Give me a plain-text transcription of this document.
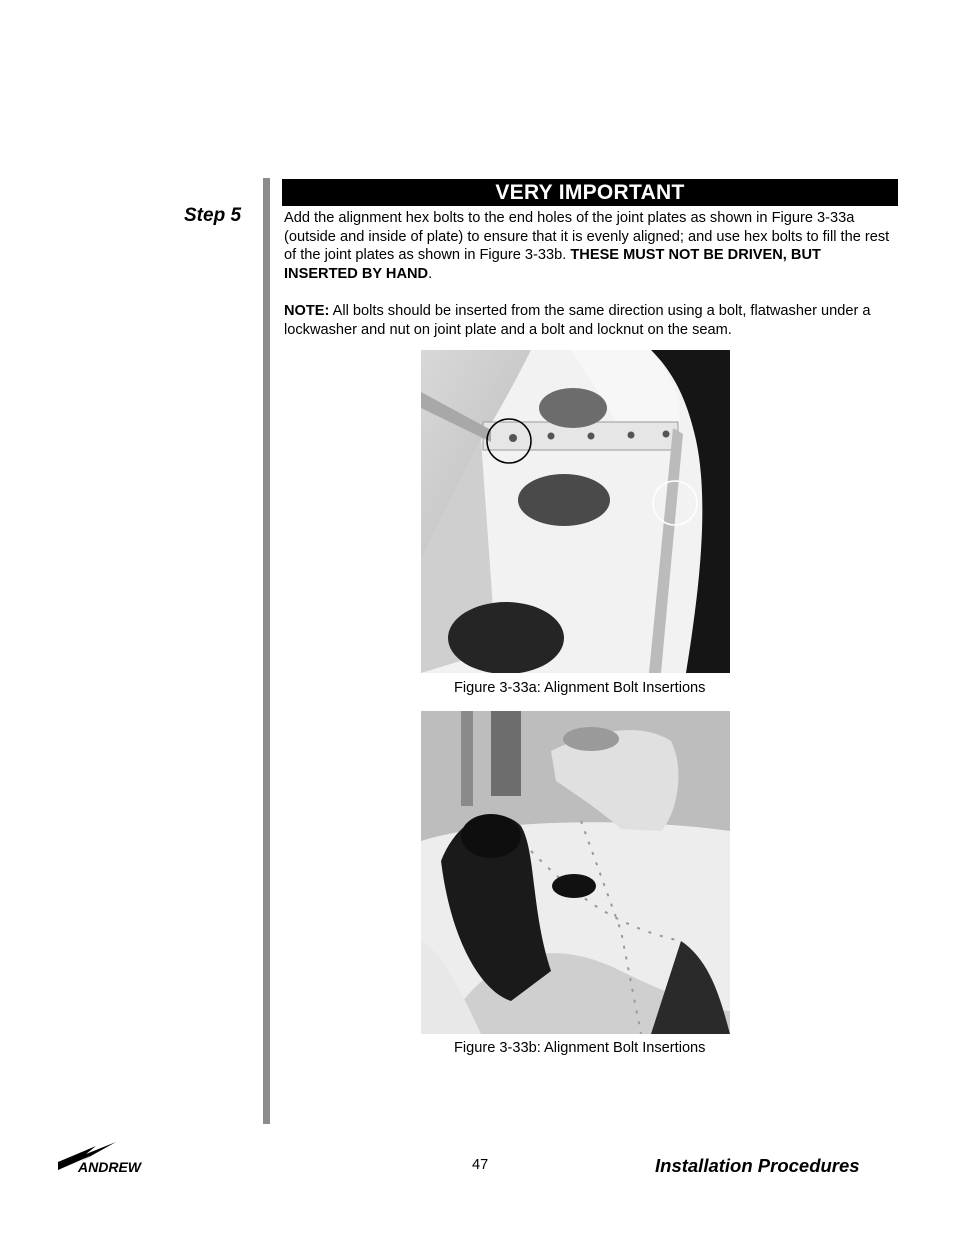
Step 5
VERY IMPORTANT

Add the alignment hex bolts to the end holes of the joint plates as shown in Figure 3-33a (outside and inside of plate) to ensure that it is evenly aligned; and use hex bolts to fill the rest of the joint plates as shown in Figure 3-33b. THESE MUST NOT BE DRIVEN, BUT INSERTED BY HAND.

NOTE: All bolts should be inserted from the same direction using a bolt, flatwasher under a lockwasher and nut on joint plate and a bolt and locknut on the seam.

Figure 3-33a: Alignment Bolt Insertions
Figure 3-33b: Alignment Bolt Insertions
ANDREW	47	Installation Procedures
